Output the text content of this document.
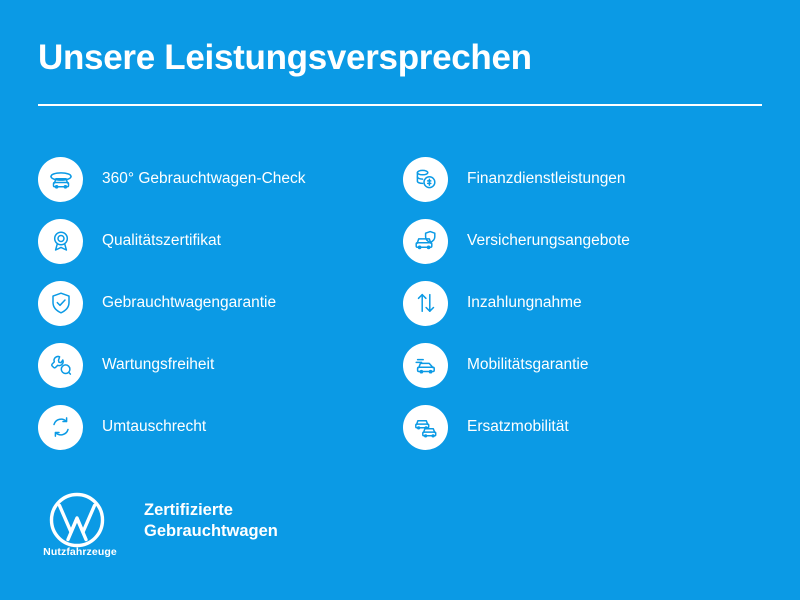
Unsere Leistungsversprechen
360° Gebrauchtwagen-Check
Qualitätszertifikat
Gebrauchtwagengarantie
Wartungsfreiheit
Umtauschrecht
Finanzdienstleistungen
Versicherungsangebote
Inzahlungnahme
Mobilitätsgarantie
Ersatzmobilität
Nutzfahrzeuge
Zertifizierte
Gebrauchtwagen
